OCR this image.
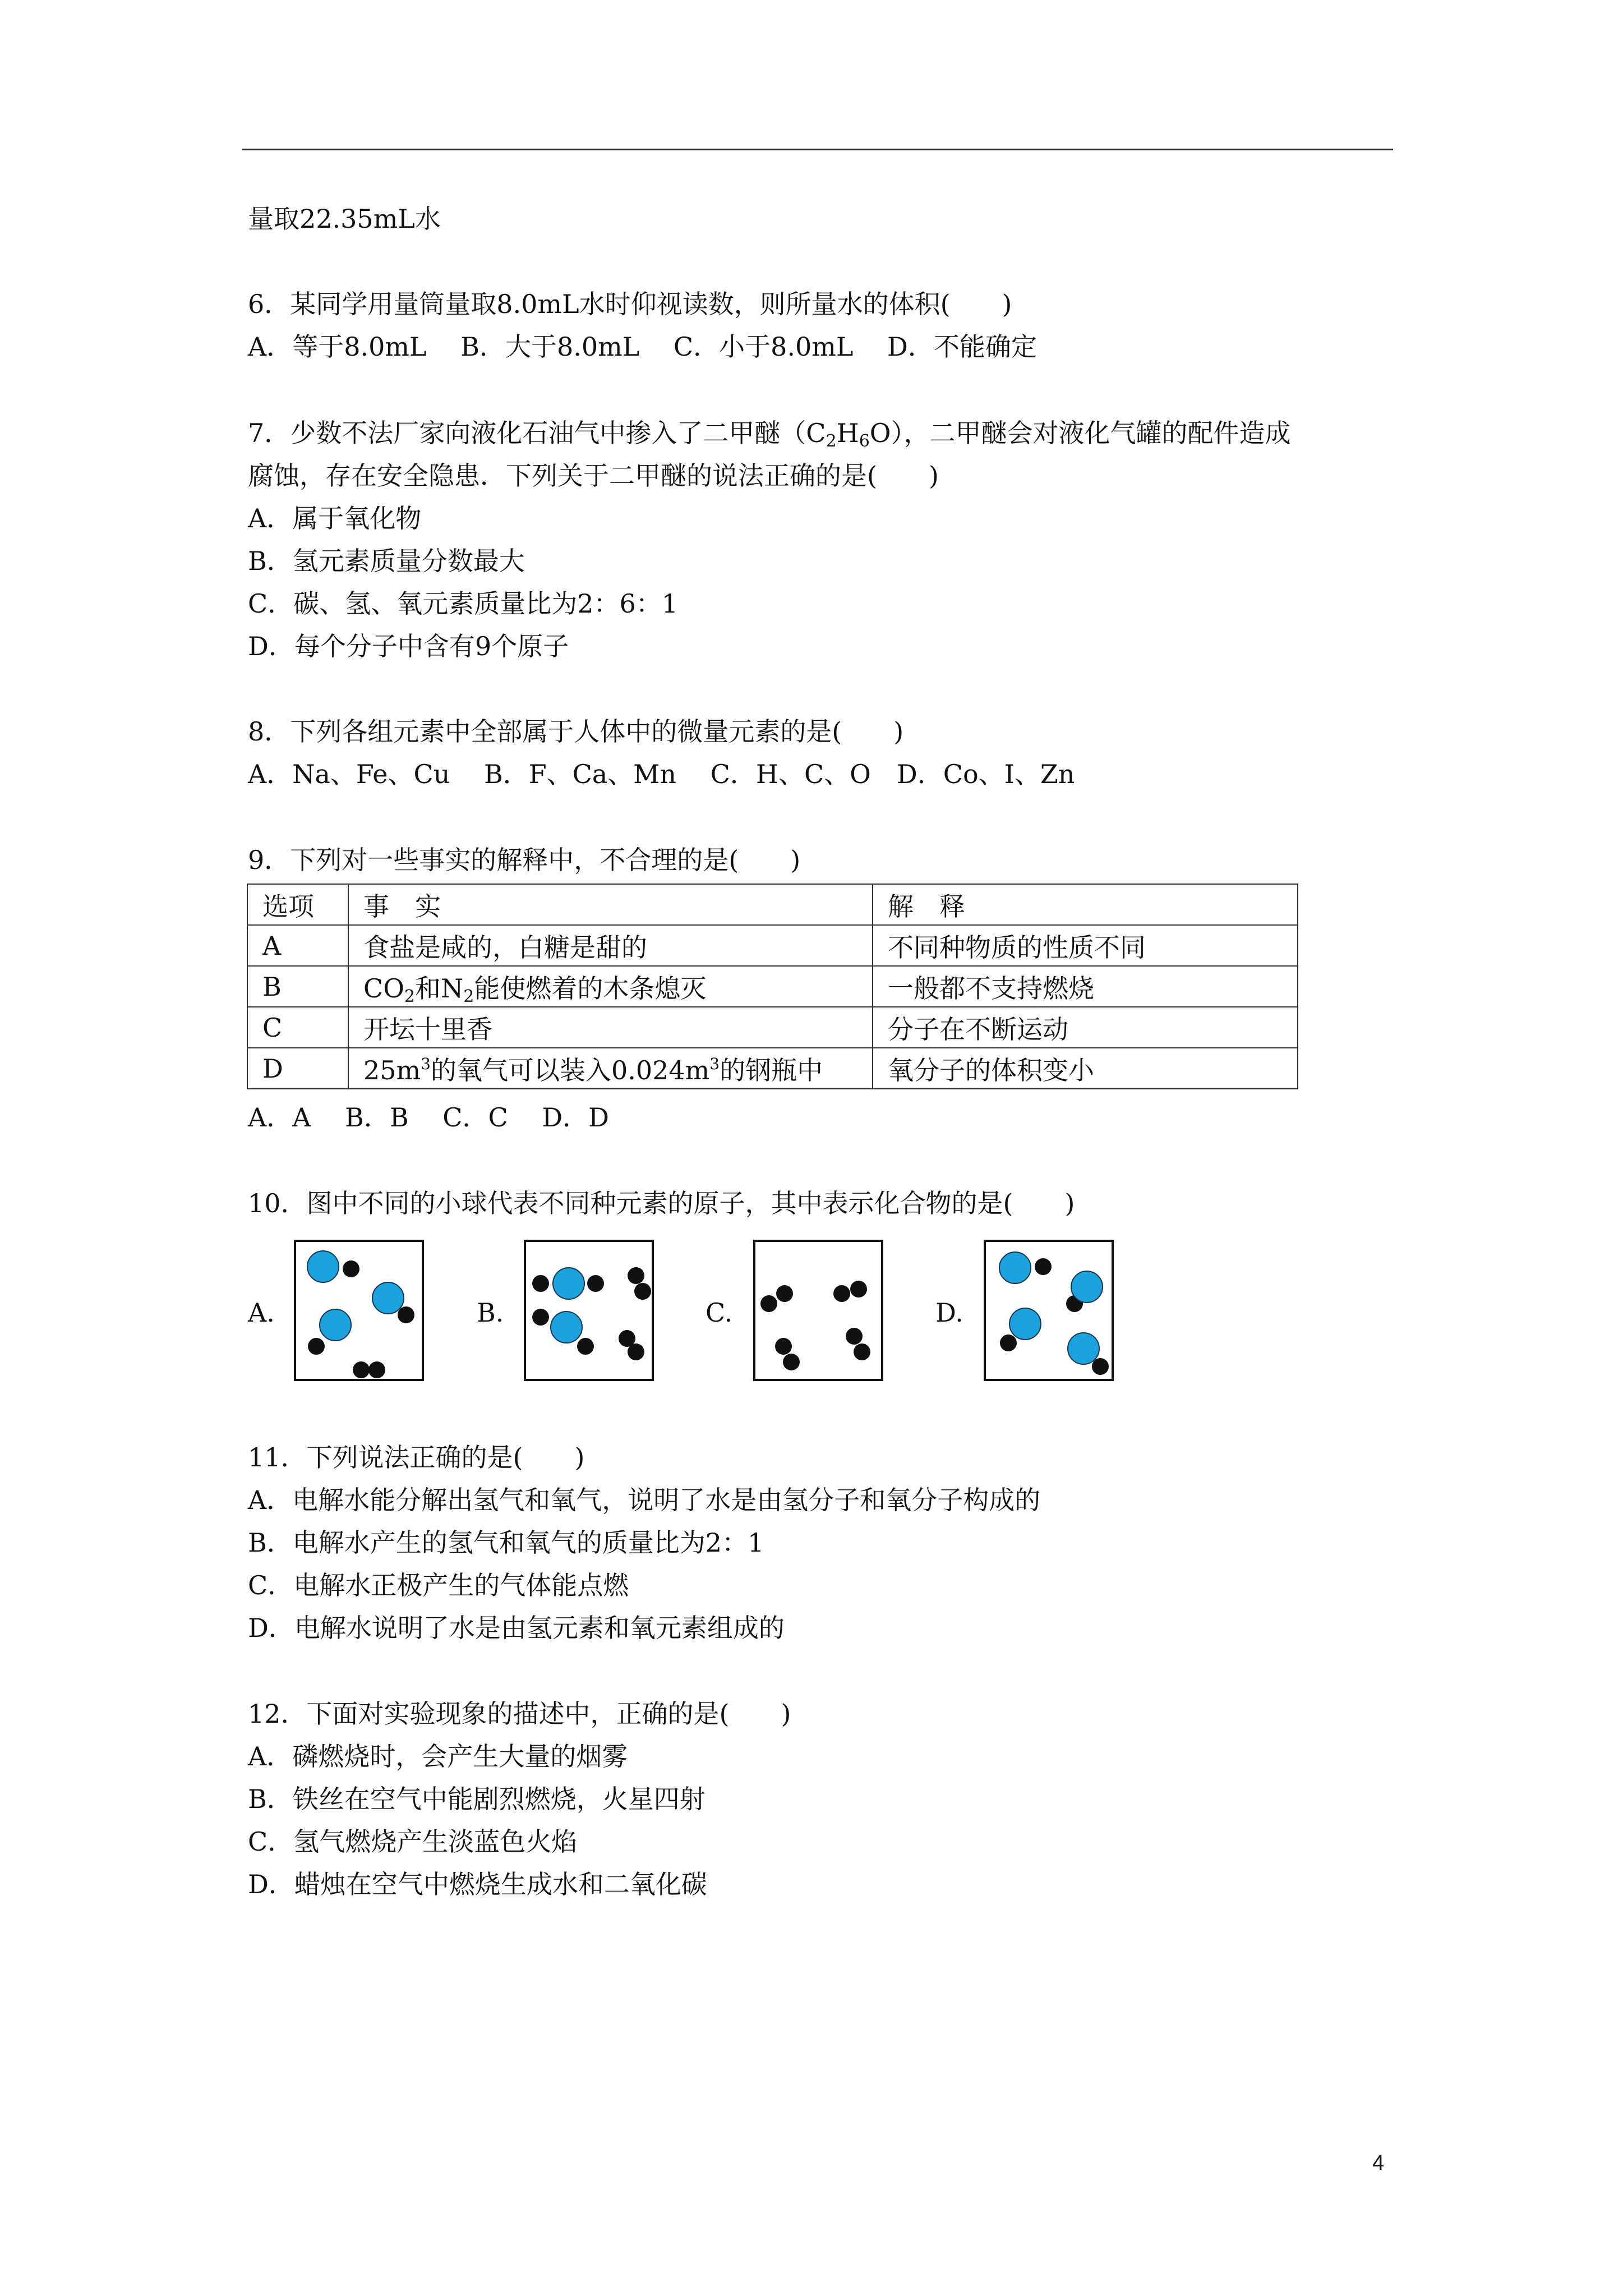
量取22.35mL水
6．某同学用量筒量取8.0mL水时仰视读数，则所量水的体积(　　)
A．等于8.0mL　 B．大于8.0mL　 C．小于8.0mL　 D．不能确定
7．少数不法厂家向液化石油气中掺入了二甲醚$(C_2H_6O)$，二甲醚会对液化气罐的配件造成
腐蚀，存在安全隐患．下列关于二甲醚的说法正确的是(　　)
A．属于氧化物
B．氢元素质量分数最大
C．碳、氢、氧元素质量比为2：6：1
D．每个分子中含有9个原子
8．下列各组元素中全部属于人体中的微量元素的是(　　)
A．Na、Fe、Cu　 B．F、Ca、Mn　 C．H、C、O　D．Co、I、Zn
9．下列对一些事实的解释中，不合理的是(　　)
选项	事　实	解　释
A	食盐是咸的，白糖是甜的	不同种物质的性质不同
B	$CO_2$和$N_2$能使燃着的木条熄灭	一般都不支持燃烧
C	开坛十里香	分子在不断运动
D	$25m^3$的氧气可以装入$0.024m^3$的钢瓶中	氧分子的体积变小
A．A　 B．B　 C．C　 D．D
10．图中不同的小球代表不同种元素的原子，其中表示化合物的是(　　)
A.	B.	C.	D.
11．下列说法正确的是(　　)
A．电解水能分解出氢气和氧气，说明了水是由氢分子和氧分子构成的
B．电解水产生的氢气和氧气的质量比为2：1
C．电解水正极产生的气体能点燃
D．电解水说明了水是由氢元素和氧元素组成的
12．下面对实验现象的描述中，正确的是(　　)
A．磷燃烧时，会产生大量的烟雾
B．铁丝在空气中能剧烈燃烧，火星四射
C．氢气燃烧产生淡蓝色火焰
D．蜡烛在空气中燃烧生成水和二氧化碳
4
